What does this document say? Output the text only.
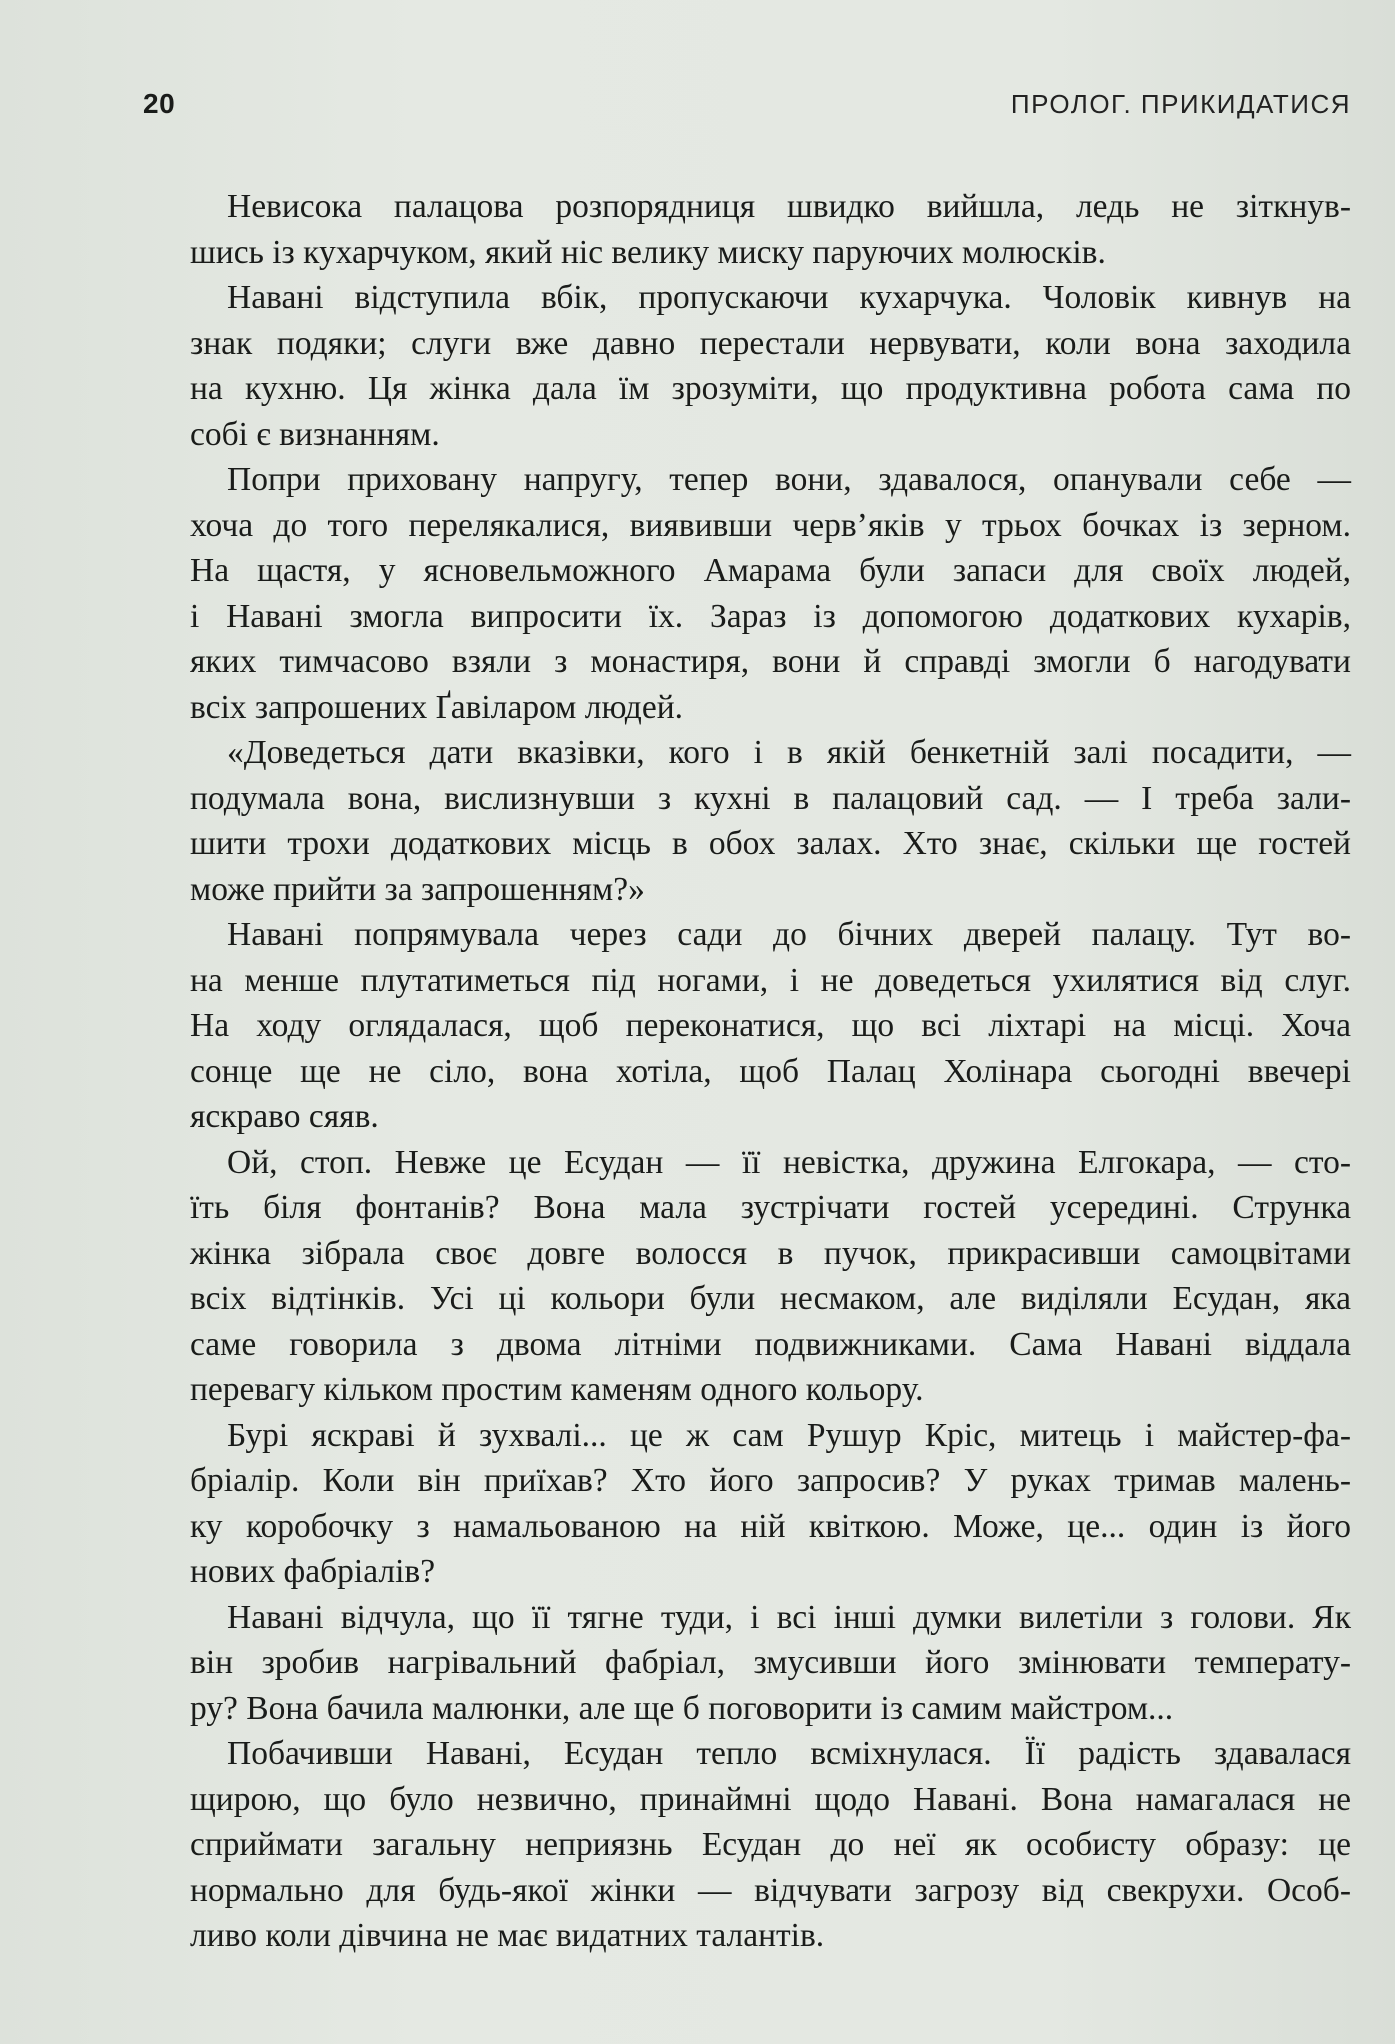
20	ПРОЛОГ. ПРИКИДАТИСЯ
Невисока палацова розпорядниця швидко вийшла, ледь не зіткнув-
шись із кухарчуком, який ніс велику миску паруючих молюсків.
Навані відступила вбік, пропускаючи кухарчука. Чоловік кивнув на
знак подяки; слуги вже давно перестали нервувати, коли вона заходила
на кухню. Ця жінка дала їм зрозуміти, що продуктивна робота сама по
собі є визнанням.
Попри приховану напругу, тепер вони, здавалося, опанували себе —
хоча до того перелякалися, виявивши черв’яків у трьох бочках із зерном.
На щастя, у ясновельможного Амарама були запаси для своїх людей,
і Навані змогла випросити їх. Зараз із допомогою додаткових кухарів,
яких тимчасово взяли з монастиря, вони й справді змогли б нагодувати
всіх запрошених Ґавіларом людей.
«Доведеться дати вказівки, кого і в якій бенкетній залі посадити, —
подумала вона, вислизнувши з кухні в палацовий сад. — І треба зали-
шити трохи додаткових місць в обох залах. Хто знає, скільки ще гостей
може прийти за запрошенням?»
Навані попрямувала через сади до бічних дверей палацу. Тут во-
на менше плутатиметься під ногами, і не доведеться ухилятися від слуг.
На ходу оглядалася, щоб переконатися, що всі ліхтарі на місці. Хоча
сонце ще не сіло, вона хотіла, щоб Палац Холінара сьогодні ввечері
яскраво сяяв.
Ой, стоп. Невже це Есудан — її невістка, дружина Елгокара, — сто-
їть біля фонтанів? Вона мала зустрічати гостей усередині. Струнка
жінка зібрала своє довге волосся в пучок, прикрасивши самоцвітами
всіх відтінків. Усі ці кольори були несмаком, але виділяли Есудан, яка
саме говорила з двома літніми подвижниками. Сама Навані віддала
перевагу кільком простим каменям одного кольору.
Бурі яскраві й зухвалі... це ж сам Рушур Кріс, митець і майстер-фа-
бріалір. Коли він приїхав? Хто його запросив? У руках тримав малень-
ку коробочку з намальованою на ній квіткою. Може, це... один із його
нових фабріалів?
Навані відчула, що її тягне туди, і всі інші думки вилетіли з голови. Як
він зробив нагрівальний фабріал, змусивши його змінювати температу-
ру? Вона бачила малюнки, але ще б поговорити із самим майстром...
Побачивши Навані, Есудан тепло всміхнулася. Її радість здавалася
щирою, що було незвично, принаймні щодо Навані. Вона намагалася не
сприймати загальну неприязнь Есудан до неї як особисту образу: це
нормально для будь-якої жінки — відчувати загрозу від свекрухи. Особ-
ливо коли дівчина не має видатних талантів.
